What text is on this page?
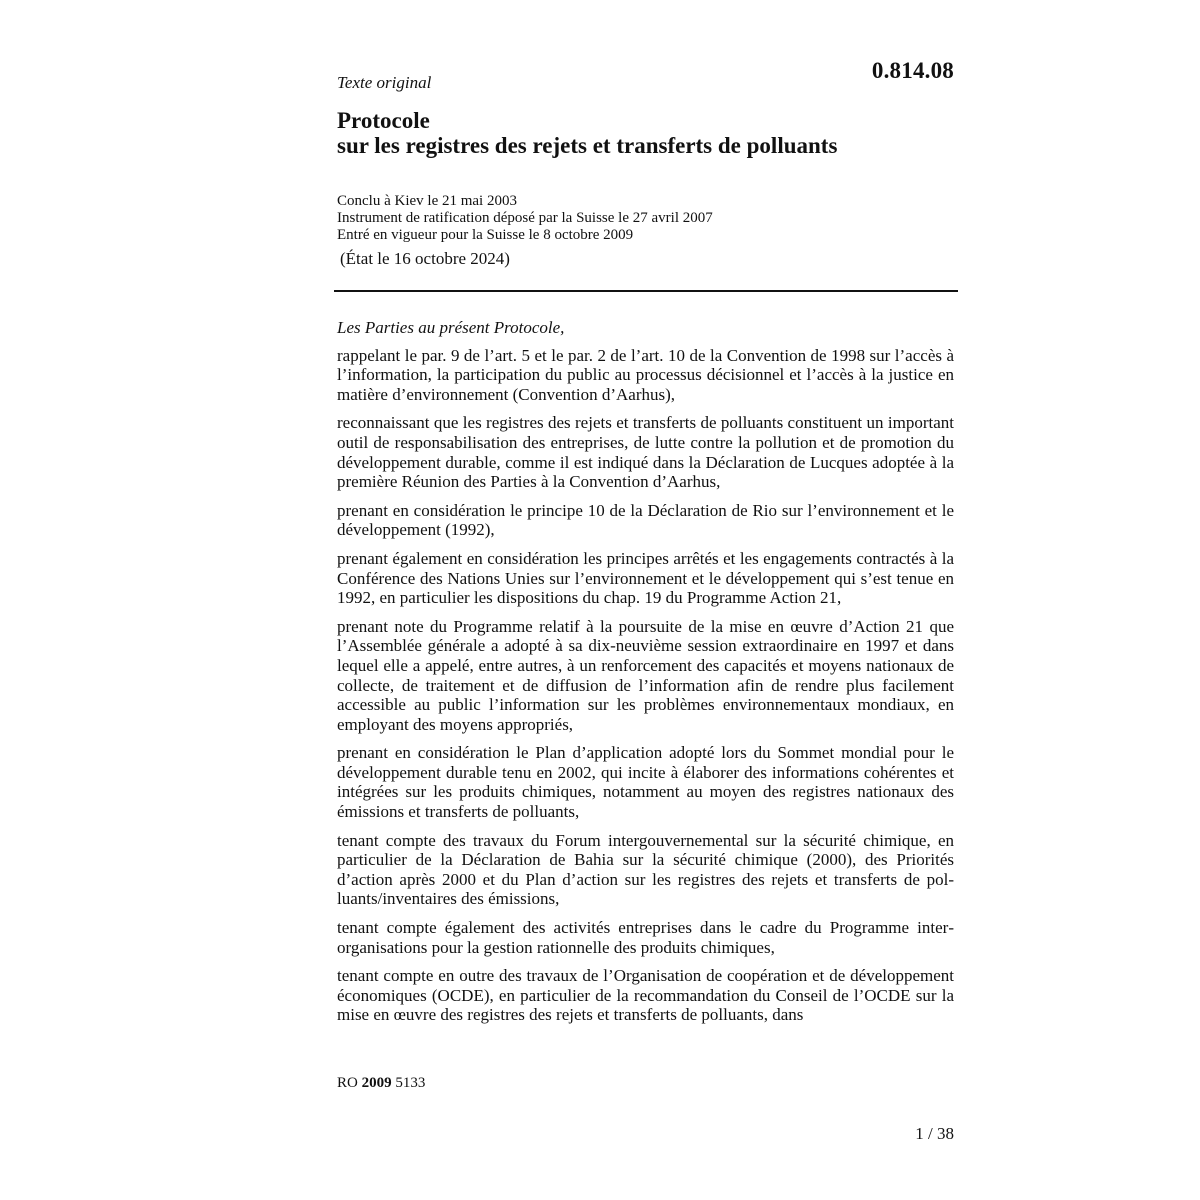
Texte original	0.814.08
Protocole
sur les registres des rejets et transferts de polluants
Conclu à Kiev le 21 mai 2003
Instrument de ratification déposé par la Suisse le 27 avril 2007
Entré en vigueur pour la Suisse le 8 octobre 2009
(État le 16 octobre 2024)

Les Parties au présent Protocole,

rappelant le par. 9 de l’art. 5 et le par. 2 de l’art. 10 de la Convention de 1998 sur l’accès à l’information, la participation du public au processus décisionnel et l’accès à la justice en matière d’environnement (Convention d’Aarhus),

reconnaissant que les registres des rejets et transferts de polluants constituent un important outil de responsabilisation des entreprises, de lutte contre la pollution et de promotion du développement durable, comme il est indiqué dans la Déclaration de Lucques adoptée à la première Réunion des Parties à la Convention d’Aarhus,

prenant en considération le principe 10 de la Déclaration de Rio sur l’environnement et le développement (1992),

prenant également en considération les principes arrêtés et les engagements contractés à la Conférence des Nations Unies sur l’environnement et le développement qui s’est tenue en 1992, en particulier les dispositions du chap. 19 du Programme Action 21,

prenant note du Programme relatif à la poursuite de la mise en œuvre d’Action 21 que l’Assemblée générale a adopté à sa dix-neuvième session extraordinaire en 1997 et dans lequel elle a appelé, entre autres, à un renforcement des capacités et moyens nationaux de collecte, de traitement et de diffusion de l’information afin de rendre plus facilement accessible au public l’information sur les problèmes environnementaux mondiaux, en employant des moyens appropriés,

prenant en considération le Plan d’application adopté lors du Sommet mondial pour le développement durable tenu en 2002, qui incite à élaborer des informations cohérentes et intégrées sur les produits chimiques, notamment au moyen des registres nationaux des émissions et transferts de polluants,

tenant compte des travaux du Forum intergouvernemental sur la sécurité chimique, en particulier de la Déclaration de Bahia sur la sécurité chimique (2000), des Priorités d’action après 2000 et du Plan d’action sur les registres des rejets et transferts de polluants/inventaires des émissions,

tenant compte également des activités entreprises dans le cadre du Programme interorganisations pour la gestion rationnelle des produits chimiques,

tenant compte en outre des travaux de l’Organisation de coopération et de développement économiques (OCDE), en particulier de la recommandation du Conseil de l’OCDE sur la mise en œuvre des registres des rejets et transferts de polluants, dans

RO 2009 5133
1 / 38
